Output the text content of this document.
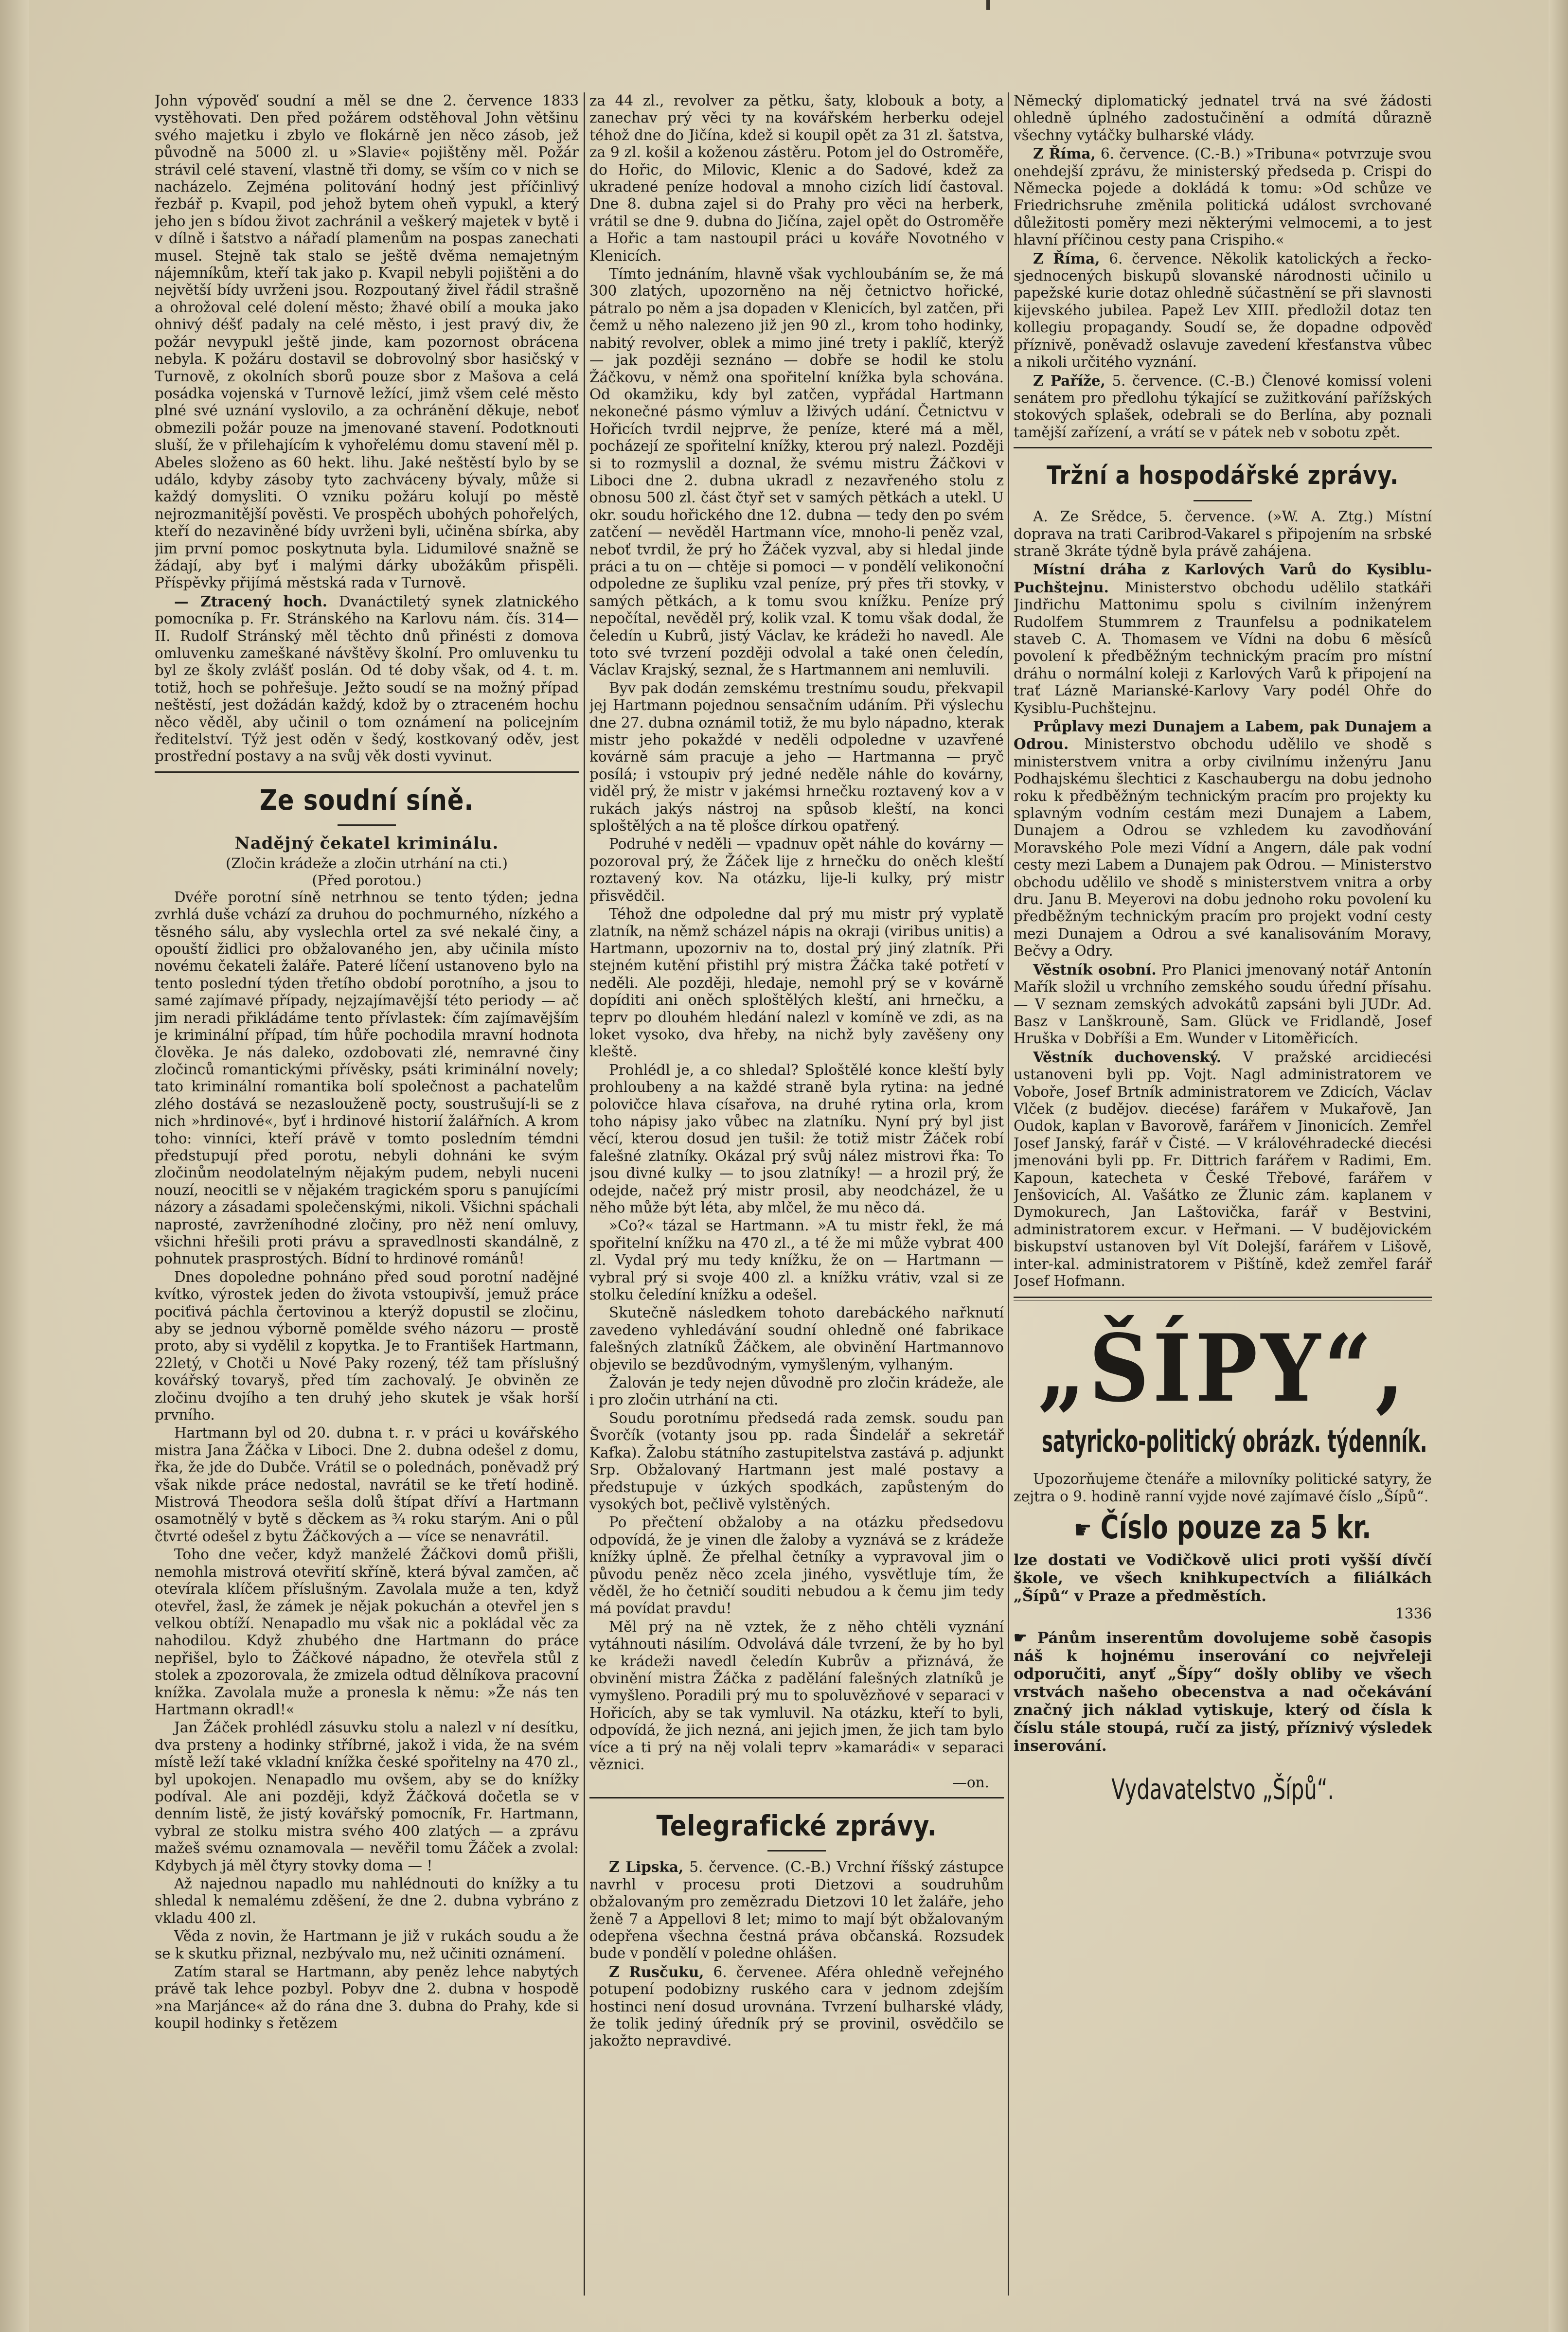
John výpověď soudní a měl se dne 2. července 1833 vystěhovati. Den před požárem odstěhoval John většinu svého majetku i zbylo ve flokárně jen něco zásob, jež původně na 5000 zl. u »Slavie« pojištěny měl. Požár strávil celé stavení, vlastně tři domy, se vším co v nich se nacházelo. Zejména politování hodný jest příčinlivý řezbář p. Kvapil, pod jehož bytem oheň vypukl, a který jeho jen s bídou život zachránil a veškerý majetek v bytě i v dílně i šatstvo a nářadí plamenům na pospas zanechati musel. Stejně tak stalo se ještě dvěma nemajetným nájemníkům, kteří tak jako p. Kvapil nebyli pojištěni a do největší bídy uvrženi jsou. Rozpoutaný živel řádil strašně a ohrožoval celé dolení město; žhavé obilí a mouka jako ohnivý déšť padaly na celé město, i jest pravý div, že požár nevypukl ještě jinde, kam pozornost obrácena nebyla. K požáru dostavil se dobrovolný sbor hasičský v Turnově, z okolních sborů pouze sbor z Mašova a celá posádka vojenská v Turnově ležící, jimž všem celé město plné své uznání vyslovilo, a za ochránění děkuje, neboť obmezili požár pouze na jmenované stavení. Podotknouti sluší, že v přilehajícím k vyhořelému domu stavení měl p. Abeles složeno as 60 hekt. lihu. Jaké neštěstí bylo by se událo, kdyby zásoby tyto zachváceny bývaly, může si každý domysliti. O vzniku požáru kolují po městě nejrozmanitější pověsti. Ve prospěch ubohých pohořelých, kteří do nezaviněné bídy uvrženi byli, učiněna sbírka, aby jim první pomoc poskytnuta byla. Lidumilové snažně se žádají, aby byť i malými dárky ubožákům přispěli. Příspěvky přijímá městská rada v Turnově.

— Ztracený hoch. Dvanáctiletý synek zlatnického pomocníka p. Fr. Stránského na Karlovu nám. čís. 314—II. Rudolf Stránský měl těchto dnů přinésti z domova omluvenku zameškané návštěvy školní. Pro omluvenku tu byl ze školy zvlášť poslán. Od té doby však, od 4. t. m. totiž, hoch se pohřešuje. Ježto soudí se na možný případ neštěstí, jest dožádán každý, kdož by o ztraceném hochu něco věděl, aby učinil o tom oznámení na policejním ředitelství. Týž jest oděn v šedý, kostkovaný oděv, jest prostřední postavy a na svůj věk dosti vyvinut.

Ze soudní síně.
Nadějný čekatel kriminálu.
(Zločin krádeže a zločin utrhání na cti.)
(Před porotou.)

Dvéře porotní síně netrhnou se tento týden; jedna zvrhlá duše vchází za druhou do pochmurného, nízkého a těsného sálu, aby vyslechla ortel za své nekalé činy, a opouští židlici pro obžalovaného jen, aby učinila místo novému čekateli žaláře. Pateré líčení ustanoveno bylo na tento poslední týden třetího období porotního, a jsou to samé zajímavé případy, nejzajímavější této periody — ač jim neradi přikládáme tento přívlastek: čím zajímavějším je kriminální případ, tím hůře pochodila mravní hodnota člověka. Je nás daleko, ozdobovati zlé, nemravné činy zločinců romantickými přívěsky, psáti kriminální novely; tato kriminální romantika bolí společnost a pachatelům zlého dostává se nezaslouženě pocty, soustrušují-li se z nich »hrdinové«, byť i hrdinové historií žalářních. A krom toho: vinníci, kteří právě v tomto posledním témdni předstupují před porotu, nebyli dohnáni ke svým zločinům neodolatelným nějakým pudem, nebyli nuceni nouzí, neocitli se v nějakém tragickém sporu s panujícími názory a zásadami společenskými, nikoli. Všichni spáchali naprosté, zavrženíhodné zločiny, pro něž není omluvy, všichni hřešili proti právu a spravedlnosti skandálně, z pohnutek prasprostých. Bídní to hrdinové románů!

Dnes dopoledne pohnáno před soud porotní nadějné kvítko, výrostek jeden do života vstoupivší, jemuž práce pociťivá páchla čertovinou a kterýž dopustil se zločinu, aby se jednou výborně pomělde svého názoru — prostě proto, aby si vydělil z kopytka. Je to František Hartmann, 22letý, v Chotči u Nové Paky rozený, též tam příslušný kovářský tovaryš, před tím zachovalý. Je obviněn ze zločinu dvojího a ten druhý jeho skutek je však horší prvního.

Hartmann byl od 20. dubna t. r. v práci u kovářského mistra Jana Žáčka v Liboci. Dne 2. dubna odešel z domu, řka, že jde do Dubče. Vrátil se o polednách, poněvadž prý však nikde práce nedostal, navrátil se ke třetí hodině. Mistrová Theodora sešla dolů štípat dříví a Hartmann osamotnělý v bytě s děckem as ¾ roku starým. Ani o půl čtvrté odešel z bytu Žáčkových a — více se nenavrátil.

Toho dne večer, když manželé Žáčkovi domů přišli, nemohla mistrová otevřití skříně, která býval zamčen, ač otevírala klíčem příslušným. Zavolala muže a ten, když otevřel, žasl, že zámek je nějak pokuchán a otevřel jen s velkou obtíží. Nenapadlo mu však nic a pokládal věc za nahodilou. Když zhubého dne Hartmann do práce nepřišel, bylo to Žáčkové nápadno, že otevřela stůl z stolek a zpozorovala, že zmizela odtud dělníkova pracovní knížka. Zavolala muže a pronesla k němu: »Že nás ten Hartmann okradl!«

Jan Žáček prohlédl zásuvku stolu a nalezl v ní desítku, dva prsteny a hodinky stříbrné, jakož i vida, že na svém místě leží také vkladní knížka české spořitelny na 470 zl., byl upokojen. Nenapadlo mu ovšem, aby se do knížky podíval. Ale ani později, když Žáčková dočetla se v denním listě, že jistý kovářský pomocník, Fr. Hartmann, vybral ze stolku mistra svého 400 zlatých — a zprávu mažeš svému oznamovala — nevěřil tomu Žáček a zvolal: Kdybych já měl čtyry stovky doma — !

Až najednou napadlo mu nahlédnouti do knížky a tu shledal k nemalému zděšení, že dne 2. dubna vybráno z vkladu 400 zl.

Věda z novin, že Hartmann je již v rukách soudu a že se k skutku přiznal, nezbývalo mu, než učiniti oznámení.

Zatím staral se Hartmann, aby peněz lehce nabytých právě tak lehce pozbyl. Pobyv dne 2. dubna v hospodě »na Marjánce« až do rána dne 3. dubna do Prahy, kde si koupil hodinky s řetězem

za 44 zl., revolver za pětku, šaty, klobouk a boty, a zanechav prý věci ty na kovářském herberku odejel téhož dne do Jičína, kdež si koupil opět za 31 zl. šatstva, za 9 zl. košil a koženou zástěru. Potom jel do Ostroměře, do Hořic, do Milovic, Klenic a do Sadové, kdež za ukradené peníze hodoval a mnoho cizích lidí častoval. Dne 8. dubna zajel si do Prahy pro věci na herberk, vrátil se dne 9. dubna do Jičína, zajel opět do Ostroměře a Hořic a tam nastoupil práci u kováře Novotného v Klenicích.

Tímto jednáním, hlavně však vychloubáním se, že má 300 zlatých, upozorněno na něj četnictvo hořické, pátralo po něm a jsa dopaden v Klenicích, byl zatčen, při čemž u něho nalezeno již jen 90 zl., krom toho hodinky, nabitý revolver, oblek a mimo jiné trety i paklíč, kterýž — jak později seznáno — dobře se hodil ke stolu Žáčkovu, v němž ona spořitelní knížka byla schována. Od okamžiku, kdy byl zatčen, vypřádal Hartmann nekonečné pásmo výmluv a lživých udání. Četnictvu v Hořicích tvrdil nejprve, že peníze, které má a měl, pocházejí ze spořitelní knížky, kterou prý nalezl. Později si to rozmyslil a doznal, že svému mistru Žáčkovi v Liboci dne 2. dubna ukradl z nezavřeného stolu z obnosu 500 zl. část čtyř set v samých pětkách a utekl. U okr. soudu hořického dne 12. dubna — tedy den po svém zatčení — nevěděl Hartmann více, mnoho-li peněz vzal, neboť tvrdil, že prý ho Žáček vyzval, aby si hledal jinde práci a tu on — chtěje si pomoci — v pondělí velikonoční odpoledne ze šupliku vzal peníze, prý přes tři stovky, v samých pětkách, a k tomu svou knížku. Peníze prý nepočítal, nevěděl prý, kolik vzal. K tomu však dodal, že čeledín u Kubrů, jistý Václav, ke krádeži ho navedl. Ale toto své tvrzení později odvolal a také onen čeledín, Václav Krajský, seznal, že s Hartmannem ani nemluvili.

Byv pak dodán zemskému trestnímu soudu, překvapil jej Hartmann pojednou sensačním udáním. Při výslechu dne 27. dubna oznámil totiž, že mu bylo nápadno, kterak mistr jeho pokaždé v neděli odpoledne v uzavřené kovárně sám pracuje a jeho — Hartmanna — pryč posílá; i vstoupiv prý jedné neděle náhle do kovárny, viděl prý, že mistr v jakémsi hrnečku roztavený kov a v rukách jakýs nástroj na spůsob kleští, na konci sploštělých a na tě plošce dírkou opatřený.

Podruhé v neděli — vpadnuv opět náhle do kovárny — pozoroval prý, že Žáček lije z hrnečku do oněch kleští roztavený kov. Na otázku, lije-li kulky, prý mistr přisvědčil.

Téhož dne odpoledne dal prý mu mistr prý vyplatě zlatník, na němž scházel nápis na okraji (viribus unitis) a Hartmann, upozorniv na to, dostal prý jiný zlatník. Při stejném kutění přistihl prý mistra Žáčka také potřetí v neděli. Ale později, hledaje, nemohl prý se v kovárně dopíditi ani oněch sploštělých kleští, ani hrnečku, a teprv po dlouhém hledání nalezl v komíně ve zdi, as na loket vysoko, dva hřeby, na nichž byly zavěšeny ony kleště.

Prohlédl je, a co shledal? Sploštělé konce kleští byly prohloubeny a na každé straně byla rytina: na jedné polovičce hlava císařova, na druhé rytina orla, krom toho nápisy jako vůbec na zlatníku. Nyní prý byl jist věcí, kterou dosud jen tušil: že totiž mistr Žáček robí falešné zlatníky. Okázal prý svůj nález mistrovi řka: To jsou divné kulky — to jsou zlatníky! — a hrozil prý, že odejde, načež prý mistr prosil, aby neodcházel, že u něho může být léta, aby mlčel, že mu něco dá.

»Co?« tázal se Hartmann. »A tu mistr řekl, že má spořitelní knížku na 470 zl., a té že mi může vybrat 400 zl. Vydal prý mu tedy knížku, že on — Hartmann — vybral prý si svoje 400 zl. a knížku vrátiv, vzal si ze stolku čeledíní knížku a odešel.

Skutečně následkem tohoto darebáckého nařknutí zavedeno vyhledávání soudní ohledně oné fabrikace falešných zlatníků Žáčkem, ale obvinění Hartmannovo objevilo se bezdůvodným, vymyšleným, vylhaným.

Žalován je tedy nejen důvodně pro zločin krádeže, ale i pro zločin utrhání na cti.

Soudu porotnímu předsedá rada zemsk. soudu pan Švorčík (votanty jsou pp. rada Šindelář a sekretář Kafka). Žalobu státního zastupitelstva zastává p. adjunkt Srp. Obžalovaný Hartmann jest malé postavy a předstupuje v úzkých spodkách, zapůsteným do vysokých bot, pečlivě vylstěných.

Po přečtení obžaloby a na otázku předsedovu odpovídá, že je vinen dle žaloby a vyznává se z krádeže knížky úplně. Že přelhal četníky a vypravoval jim o původu peněz něco zcela jiného, vysvětluje tím, že věděl, že ho četničí souditi nebudou a k čemu jim tedy má povídat pravdu!

Měl prý na ně vztek, že z něho chtěli vyznání vytáhnouti násilím. Odvolává dále tvrzení, že by ho byl ke krádeži navedl čeledín Kubrův a přiznává, že obvinění mistra Žáčka z padělání falešných zlatníků je vymyšleno. Poradili prý mu to spoluvězňové v separaci v Hořicích, aby se tak vymluvil. Na otázku, kteří to byli, odpovídá, že jich nezná, ani jejich jmen, že jich tam bylo více a ti prý na něj volali teprv »kamarádi« v separaci věznici.

—on.
Telegrafické zprávy.

Z Lipska, 5. července. (C.-B.) Vrchní říšský zástupce navrhl v procesu proti Dietzovi a soudruhům obžalovaným pro zemězradu Dietzovi 10 let žaláře, jeho ženě 7 a Appellovi 8 let; mimo to mají být obžalovaným odepřena všechna čestná práva občanská. Rozsudek bude v pondělí v poledne ohlášen.

Z Rusčuku, 6. červenee. Aféra ohledně veřejného potupení podobizny ruského cara v jednom zdejším hostinci není dosud urovnána. Tvrzení bulharské vlády, že tolik jediný úředník prý se provinil, osvědčilo se jakožto nepravdivé.

Německý diplomatický jednatel trvá na své žádosti ohledně úplného zadostučinění a odmítá důrazně všechny vytáčky bulharské vlády.

Z Říma, 6. července. (C.-B.) »Tribuna« potvrzuje svou onehdejší zprávu, že ministerský předseda p. Crispi do Německa pojede a dokládá k tomu: »Od schůze ve Friedrichsruhe změnila politická událost svrchované důležitosti poměry mezi některými velmocemi, a to jest hlavní příčinou cesty pana Crispiho.«

Z Říma, 6. července. Několik katolických a řecko-sjednocených biskupů slovanské národnosti učinilo u papežské kurie dotaz ohledně súčastnění se při slavnosti kijevského jubilea. Papež Lev XIII. předložil dotaz ten kollegiu propagandy. Soudí se, že dopadne odpověď příznivě, poněvadž oslavuje zavedení křesťanstva vůbec a nikoli určitého vyznání.

Z Paříže, 5. července. (C.-B.) Členové komissí voleni senátem pro předlohu týkající se zužitkování pařížských stokových splašek, odebrali se do Berlína, aby poznali tamější zařízení, a vrátí se v pátek neb v sobotu zpět.

Tržní a hospodářské zprávy.

A. Ze Srědce, 5. července. (»W. A. Ztg.) Místní doprava na trati Caribrod-Vakarel s připojením na srbské straně 3kráte týdně byla právě zahájena.

Místní dráha z Karlových Varů do Kysiblu-Puchštejnu. Ministerstvo obchodu udělilo statkáři Jindřichu Mattonimu spolu s civilním inženýrem Rudolfem Stummrem z Traunfelsu a podnikatelem staveb C. A. Thomasem ve Vídni na dobu 6 měsíců povolení k předběžným technickým pracím pro místní dráhu o normální koleji z Karlových Varů k připojení na trať Lázně Marianské-Karlovy Vary podél Ohře do Kysiblu-Puchštejnu.

Průplavy mezi Dunajem a Labem, pak Dunajem a Odrou. Ministerstvo obchodu udělilo ve shodě s ministerstvem vnitra a orby civilnímu inženýru Janu Podhajskému šlechtici z Kaschaubergu na dobu jednoho roku k předběžným technickým pracím pro projekty ku splavným vodním cestám mezi Dunajem a Labem, Dunajem a Odrou se vzhledem ku zavodňování Moravského Pole mezi Vídní a Angern, dále pak vodní cesty mezi Labem a Dunajem pak Odrou. — Ministerstvo obchodu udělilo ve shodě s ministerstvem vnitra a orby dru. Janu B. Meyerovi na dobu jednoho roku povolení ku předběžným technickým pracím pro projekt vodní cesty mezi Dunajem a Odrou a své kanalisováním Moravy, Bečvy a Odry.

Věstník osobní. Pro Planici jmenovaný notář Antonín Mařík složil u vrchního zemského soudu úřední přísahu. — V seznam zemských advokátů zapsáni byli JUDr. Ad. Basz v Lanškrouně, Sam. Glück ve Fridlandě, Josef Hruška v Dobříši a Em. Wunder v Litoměřicích.

Věstník duchovenský. V pražské arcidiecési ustanoveni byli pp. Vojt. Nagl administratorem ve Voboře, Josef Brtník administratorem ve Zdicích, Václav Vlček (z budějov. diecése) farářem v Mukařově, Jan Oudok, kaplan v Bavorově, farářem v Jinonicích. Zemřel Josef Janský, farář v Čisté. — V královéhradecké diecési jmenováni byli pp. Fr. Dittrich farářem v Radimi, Em. Kapoun, katecheta v České Třebové, farářem v Jenšovicích, Al. Vašátko ze Žlunic zám. kaplanem v Dymokurech, Jan Laštovička, farář v Bestvini, administratorem excur. v Heřmani. — V budějovickém biskupství ustanoven byl Vít Dolejší, farářem v Lišově, inter-kal. administratorem v Pištíně, kdež zemřel farář Josef Hofmann.

„ŠÍPY“,
satyricko-politický obrázk. týdenník.

Upozorňujeme čtenáře a milovníky politické satyry, že zejtra o 9. hodině ranní vyjde nové zajímavé číslo „Šípů“.

☛ Číslo pouze za 5 kr.

lze dostati ve Vodičkově ulici proti vyšší dívčí škole, ve všech knihkupectvích a filiálkách „Šípů“ v Praze a předměstích.

1336

☛ Pánům inserentům dovolujeme sobě časopis náš k hojnému inserování co nejvřeleji odporučiti, anyť „Šípy“ došly obliby ve všech vrstvách našeho obecenstva a nad očekávání značný jich náklad vytiskuje, který od čísla k číslu stále stoupá, ručí za jistý, příznivý výsledek inserování.

Vydavatelstvo „Šípů“.
